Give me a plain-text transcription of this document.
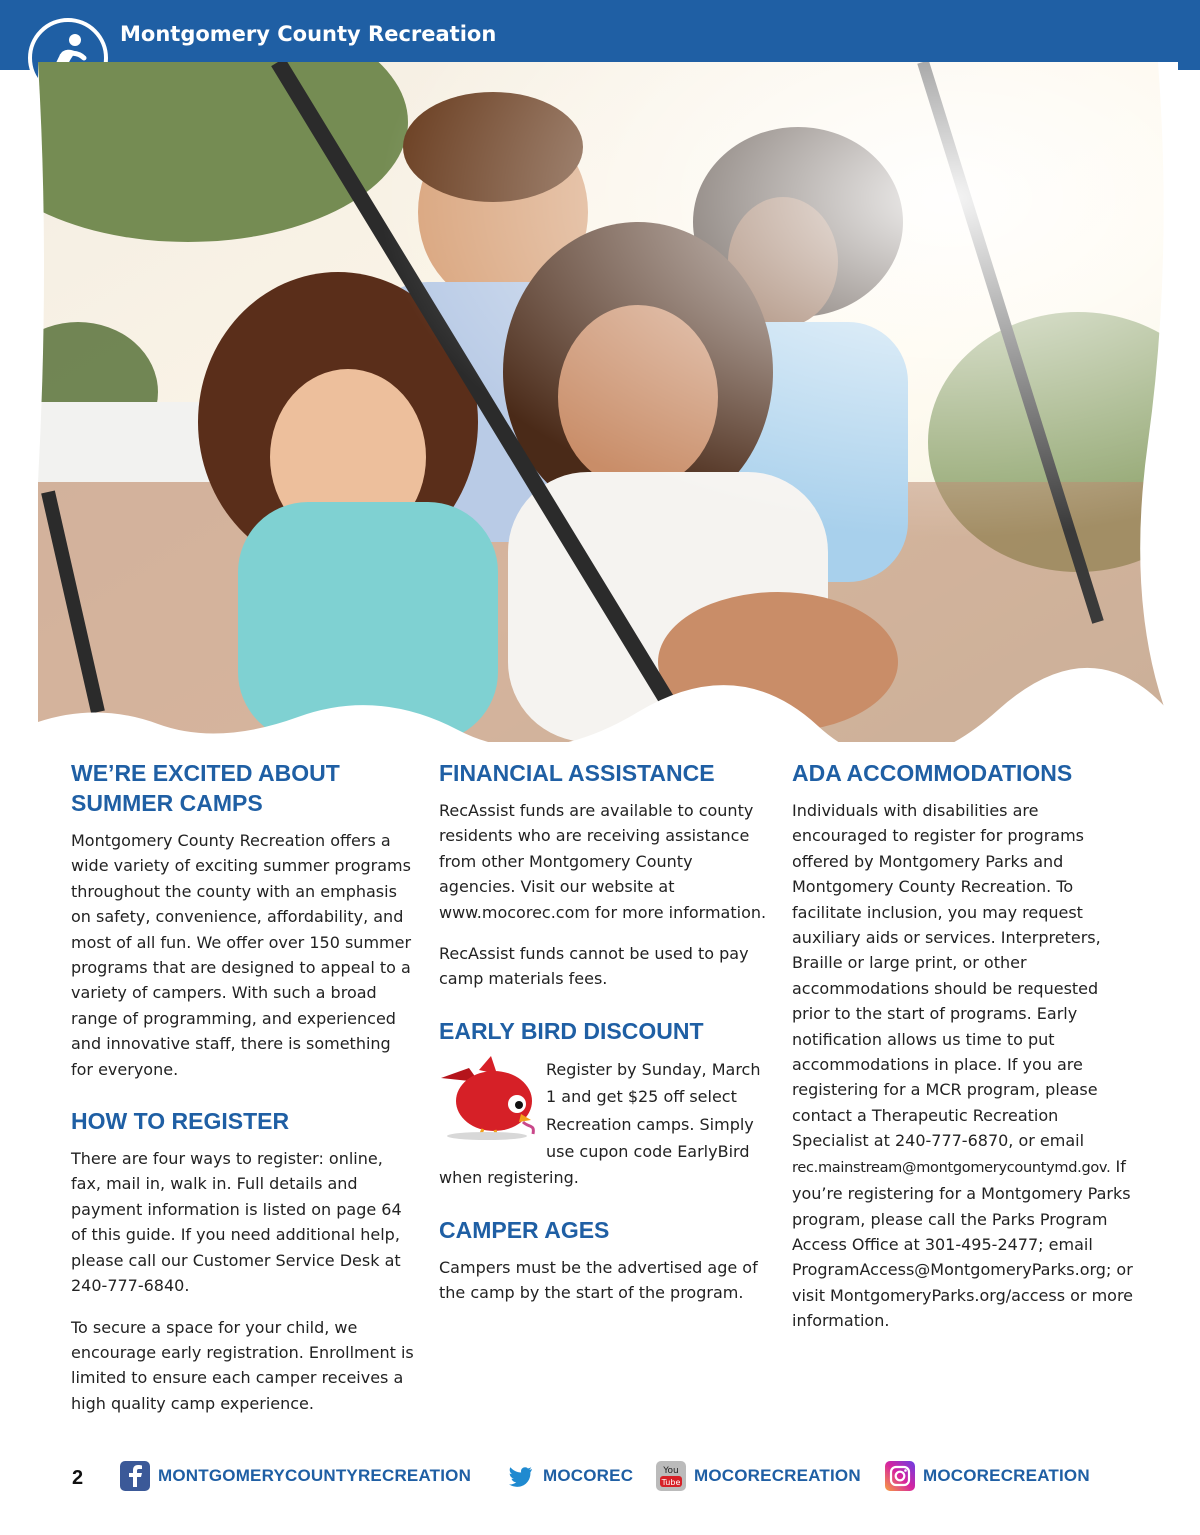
Montgomery County Recreation
WE’RE EXCITED ABOUT SUMMER CAMPS

Montgomery County Recreation offers a wide variety of exciting summer programs throughout the county with an emphasis on safety, convenience, affordability, and most of all fun. We offer over 150 summer programs that are designed to appeal to a variety of campers. With such a broad range of programming, and experienced and innovative staff, there is something for everyone.

HOW TO REGISTER

There are four ways to register: online, fax, mail in, walk in. Full details and payment information is listed on page 64 of this guide. If you need additional help, please call our Customer Service Desk at 240-777-6840.

To secure a space for your child, we encourage early registration. Enrollment is limited to ensure each camper receives a high quality camp experience.

FINANCIAL ASSISTANCE

RecAssist funds are available to county residents who are receiving assistance from other Montgomery County agencies. Visit our website at www.mocorec.com for more information.

RecAssist funds cannot be used to pay camp materials fees.

EARLY BIRD DISCOUNT

Register by Sunday, March 1 and get $25 off select Recreation camps. Simply use cupon code EarlyBird

when registering.

CAMPER AGES

Campers must be the advertised age of the camp by the start of the program.

ADA ACCOMMODATIONS

Individuals with disabilities are encouraged to register for programs offered by Montgomery Parks and Montgomery County Recreation. To facilitate inclusion, you may request auxiliary aids or services. Interpreters, Braille or large print, or other accommodations should be requested prior to the start of programs. Early notification allows us time to put accommodations in place. If you are registering for a MCR program, please contact a Therapeutic Recreation Specialist at 240-777-6870, or email rec.mainstream@montgomerycountymd.gov. If you’re registering for a Montgomery Parks program, please call the Parks Program Access Office at 301-495-2477; email ProgramAccess@MontgomeryParks.org; or visit MontgomeryParks.org/access or more information.

2	MONTGOMERYCOUNTYRECREATION	MOCOREC	You
Tube MOCORECREATION	MOCORECREATION
